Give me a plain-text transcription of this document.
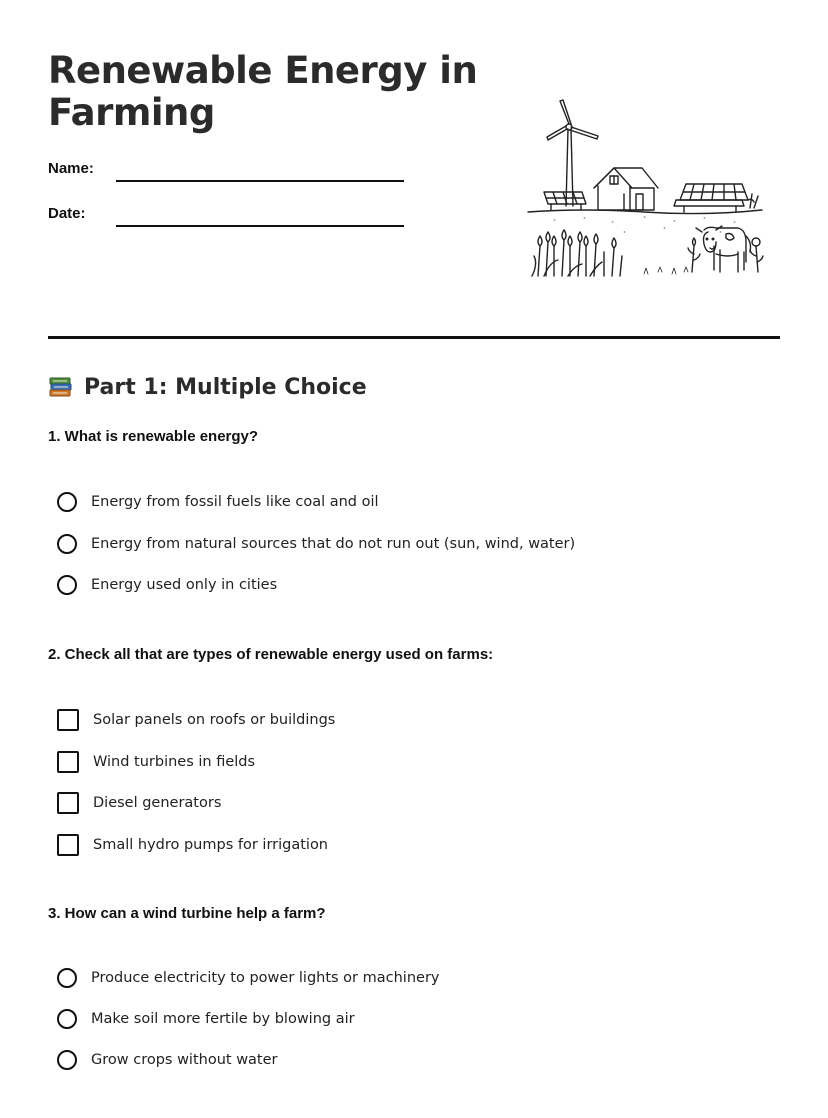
Renewable Energy in Farming
Name:
Date:
Part 1: Multiple Choice
1. What is renewable energy?
Energy from fossil fuels like coal and oil
Energy from natural sources that do not run out (sun, wind, water)
Energy used only in cities
2. Check all that are types of renewable energy used on farms:
Solar panels on roofs or buildings
Wind turbines in fields
Diesel generators
Small hydro pumps for irrigation
3. How can a wind turbine help a farm?
Produce electricity to power lights or machinery
Make soil more fertile by blowing air
Grow crops without water
